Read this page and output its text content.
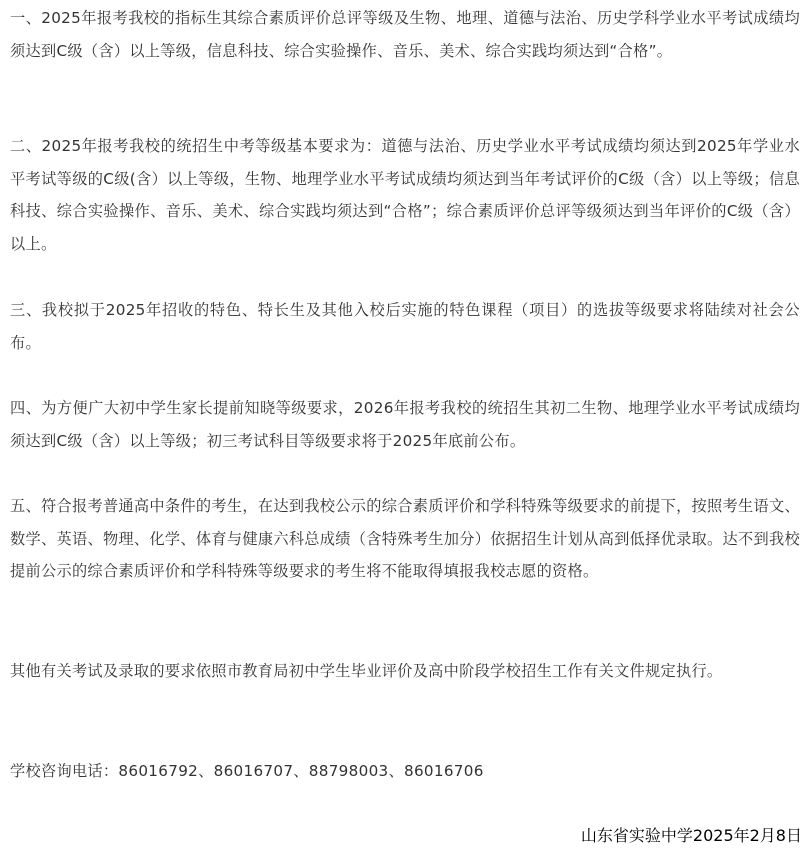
一、2025年报考我校的指标生其综合素质评价总评等级及生物、地理、道德与法治、历史学科学业水平考试成绩均须达到C级（含）以上等级，信息科技、综合实验操作、音乐、美术、综合实践均须达到“合格”。

二、2025年报考我校的统招生中考等级基本要求为：道德与法治、历史学业水平考试成绩均须达到2025年学业水平考试等级的C级(含）以上等级，生物、地理学业水平考试成绩均须达到当年考试评价的C级（含）以上等级；信息科技、综合实验操作、音乐、美术、综合实践均须达到“合格”；综合素质评价总评等级须达到当年评价的C级（含）以上。

三、我校拟于2025年招收的特色、特长生及其他入校后实施的特色课程（项目）的选拔等级要求将陆续对社会公布。

四、为方便广大初中学生家长提前知晓等级要求，2026年报考我校的统招生其初二生物、地理学业水平考试成绩均须达到C级（含）以上等级；初三考试科目等级要求将于2025年底前公布。

五、符合报考普通高中条件的考生，在达到我校公示的综合素质评价和学科特殊等级要求的前提下，按照考生语文、数学、英语、物理、化学、体育与健康六科总成绩（含特殊考生加分）依据招生计划从高到低择优录取。达不到我校提前公示的综合素质评价和学科特殊等级要求的考生将不能取得填报我校志愿的资格。

其他有关考试及录取的要求依照市教育局初中学生毕业评价及高中阶段学校招生工作有关文件规定执行。

学校咨询电话：86016792、86016707、88798003、86016706

山东省实验中学2025年2月8日
